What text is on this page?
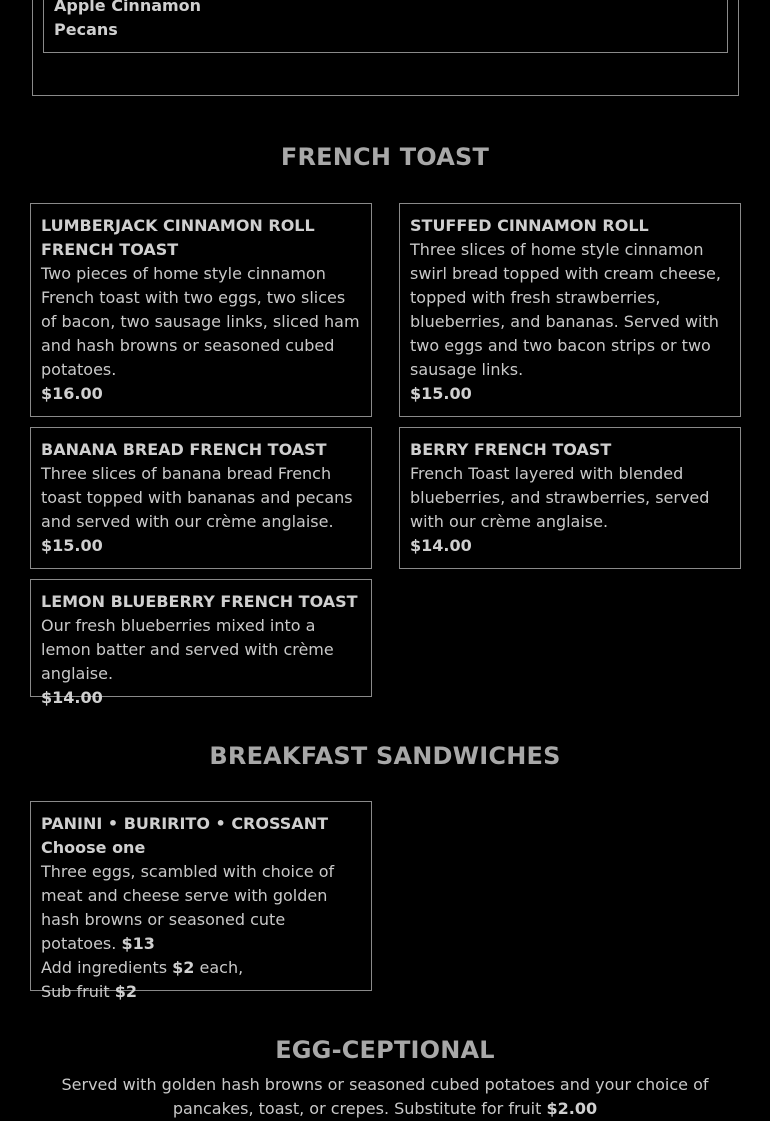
Apple Cinnamon
Pecans
FRENCH TOAST
LUMBERJACK CINNAMON ROLL FRENCH TOAST
Two pieces of home style cinnamon French toast with two eggs, two slices of bacon, two sausage links, sliced ham and hash browns or seasoned cubed potatoes.
$16.00
STUFFED CINNAMON ROLL
Three slices of home style cinnamon swirl bread topped with cream cheese, topped with fresh strawberries, blueberries, and bananas. Served with two eggs and two bacon strips or two sausage links.
$15.00
BANANA BREAD FRENCH TOAST
Three slices of banana bread French toast topped with bananas and pecans and served with our crème anglaise.
$15.00
BERRY FRENCH TOAST
French Toast layered with blended blueberries, and strawberries, served with our crème anglaise.
$14.00
LEMON BLUEBERRY FRENCH TOAST
Our fresh blueberries mixed into a lemon batter and served with crème anglaise.
$14.00
BREAKFAST SANDWICHES
PANINI • BURIRITO • CROSSANT Choose one
Three eggs, scambled with choice of meat and cheese serve with golden hash browns or seasoned cute potatoes. $13
Add ingredients $2 each,
Sub fruit $2
EGG-CEPTIONAL
Served with golden hash browns or seasoned cubed potatoes and your choice of pancakes, toast, or crepes. Substitute for fruit $2.00
